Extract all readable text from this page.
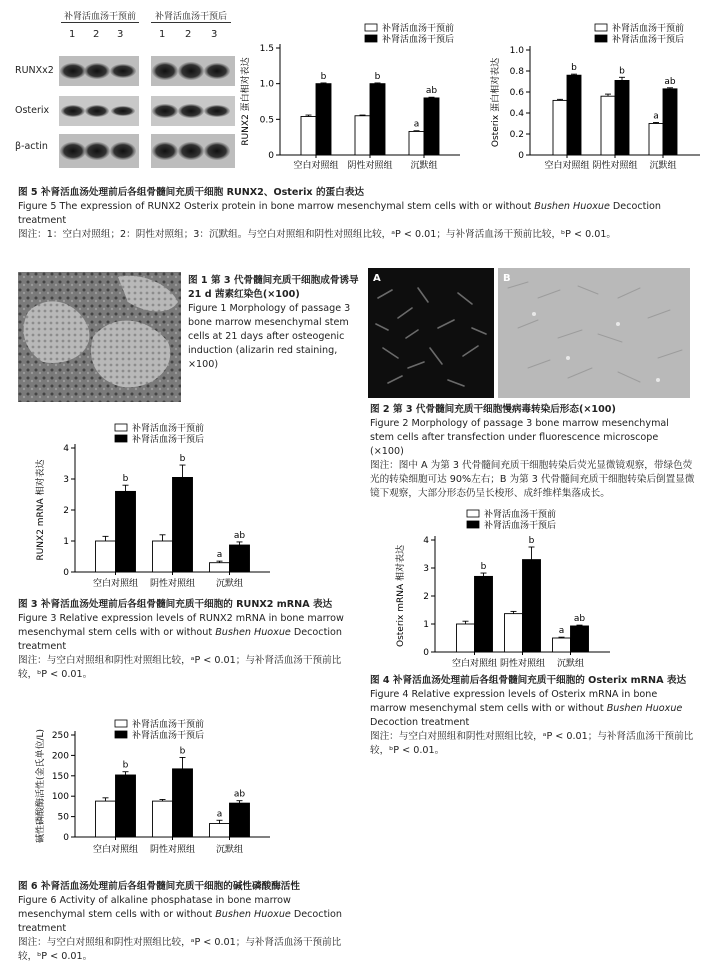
补肾活血汤干预前	补肾活血汤干预后
1 2 3	1 2 3
RUNXx2
Osterix
β-actin
补肾活血汤干预前
补肾活血汤干预后
0
0.5
1.0
1.5
RUNX2 蛋白相对表达
空白对照组
b
阴性对照组
b
沉默组
a
ab
补肾活血汤干预前
补肾活血汤干预后
0
0.2
0.4
0.6
0.8
1.0
Osterix 蛋白相对表达
空白对照组
b
阴性对照组
b
沉默组
a
ab

图 5 补肾活血汤处理前后各组骨髓间充质干细胞 RUNX2、Osterix 的蛋白表达

Figure 5 The expression of RUNX2 Osterix protein in bone marrow mesenchymal stem cells with or without Bushen Huoxue Decoction

treatment

图注：1：空白对照组；2：阴性对照组；3：沉默组。与空白对照组和阴性对照组比较，ᵃP < 0.01；与补肾活血汤干预前比较，ᵇP < 0.01。

图 1 第 3 代骨髓间充质干细胞成骨诱导 21 d 茜素红染色(×100)

Figure 1 Morphology of passage 3 bone marrow mesenchymal stem cells at 21 days after osteogenic induction (alizarin red staining, ×100)

A	B

图 2 第 3 代骨髓间充质干细胞慢病毒转染后形态(×100)

Figure 2 Morphology of passage 3 bone marrow mesenchymal stem cells after transfection under fluorescence microscope (×100)

图注：图中 A 为第 3 代骨髓间充质干细胞转染后荧光显微镜观察，带绿色荧光的转染细胞可达 90%左右；B 为第 3 代骨髓间充质干细胞转染后倒置显微镜下观察，大部分形态仍呈长梭形、成纤维样集落成长。

补肾活血汤干预前
补肾活血汤干预后
0
1
2
3
4
RUNX2 mRNA 相对表达
空白对照组
b
阴性对照组
b
沉默组
a
ab

图 3 补肾活血汤处理前后各组骨髓间充质干细胞的 RUNX2 mRNA 表达

Figure 3 Relative expression levels of RUNX2 mRNA in bone marrow mesenchymal stem cells with or without Bushen Huoxue Decoction treatment

图注：与空白对照组和阴性对照组比较，ᵃP < 0.01；与补肾活血汤干预前比较，ᵇP < 0.01。

补肾活血汤干预前
补肾活血汤干预后
0
1
2
3
4
Osterix mRNA 相对表达
空白对照组
b
阴性对照组
b
沉默组
a
ab

图 4 补肾活血汤处理前后各组骨髓间充质干细胞的 Osterix mRNA 表达

Figure 4 Relative expression levels of Osterix mRNA in bone marrow mesenchymal stem cells with or without Bushen Huoxue Decoction treatment

图注：与空白对照组和阴性对照组比较，ᵃP < 0.01；与补肾活血汤干预前比较，ᵇP < 0.01。

补肾活血汤干预前
补肾活血汤干预后
0
50
100
150
200
250
碱性磷酸酶活性(金氏单位/L)
空白对照组
b
阴性对照组
b
沉默组
a
ab

图 6 补肾活血汤处理前后各组骨髓间充质干细胞的碱性磷酸酶活性

Figure 6 Activity of alkaline phosphatase in bone marrow mesenchymal stem cells with or without Bushen Huoxue Decoction treatment

图注：与空白对照组和阴性对照组比较，ᵃP < 0.01；与补肾活血汤干预前比较，ᵇP < 0.01。
